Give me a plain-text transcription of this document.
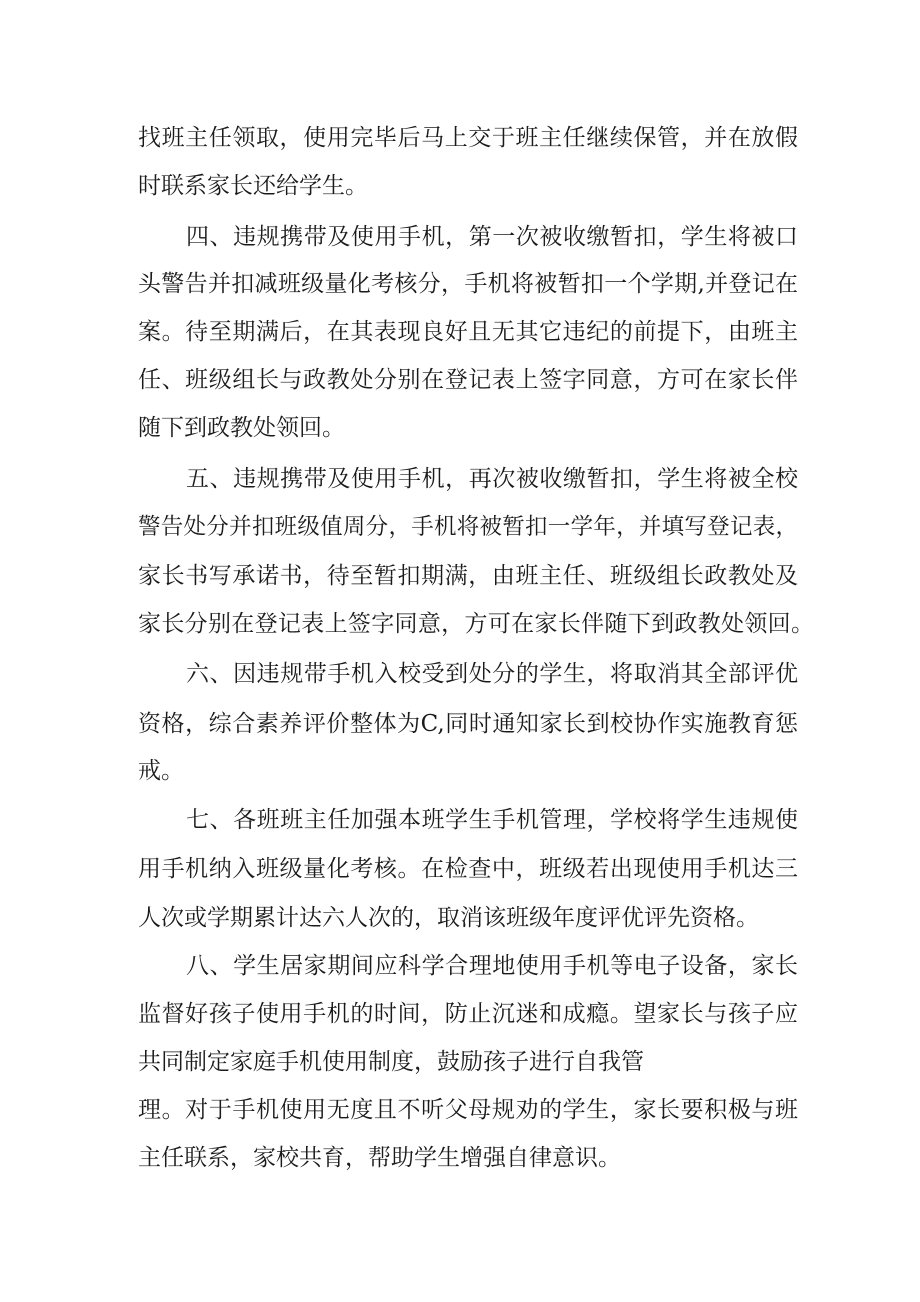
找班主任领取，使用完毕后马上交于班主任继续保管，并在放假
时联系家长还给学生。
四、违规携带及使用手机，第一次被收缴暂扣，学生将被口
头警告并扣减班级量化考核分，手机将被暂扣一个学期,并登记在
案。待至期满后，在其表现良好且无其它违纪的前提下，由班主
任、班级组长与政教处分别在登记表上签字同意，方可在家长伴
随下到政教处领回。
五、违规携带及使用手机，再次被收缴暂扣，学生将被全校
警告处分并扣班级值周分，手机将被暂扣一学年，并填写登记表，
家长书写承诺书，待至暂扣期满，由班主任、班级组长政教处及
家长分别在登记表上签字同意，方可在家长伴随下到政教处领回。
六、因违规带手机入校受到处分的学生，将取消其全部评优
资格，综合素养评价整体为C,同时通知家长到校协作实施教育惩
戒。
七、各班班主任加强本班学生手机管理，学校将学生违规使
用手机纳入班级量化考核。在检查中，班级若出现使用手机达三
人次或学期累计达六人次的，取消该班级年度评优评先资格。
八、学生居家期间应科学合理地使用手机等电子设备，家长
监督好孩子使用手机的时间，防止沉迷和成瘾。望家长与孩子应
共同制定家庭手机使用制度，鼓励孩子进行自我管
理。对于手机使用无度且不听父母规劝的学生，家长要积极与班
主任联系，家校共育，帮助学生增强自律意识。
